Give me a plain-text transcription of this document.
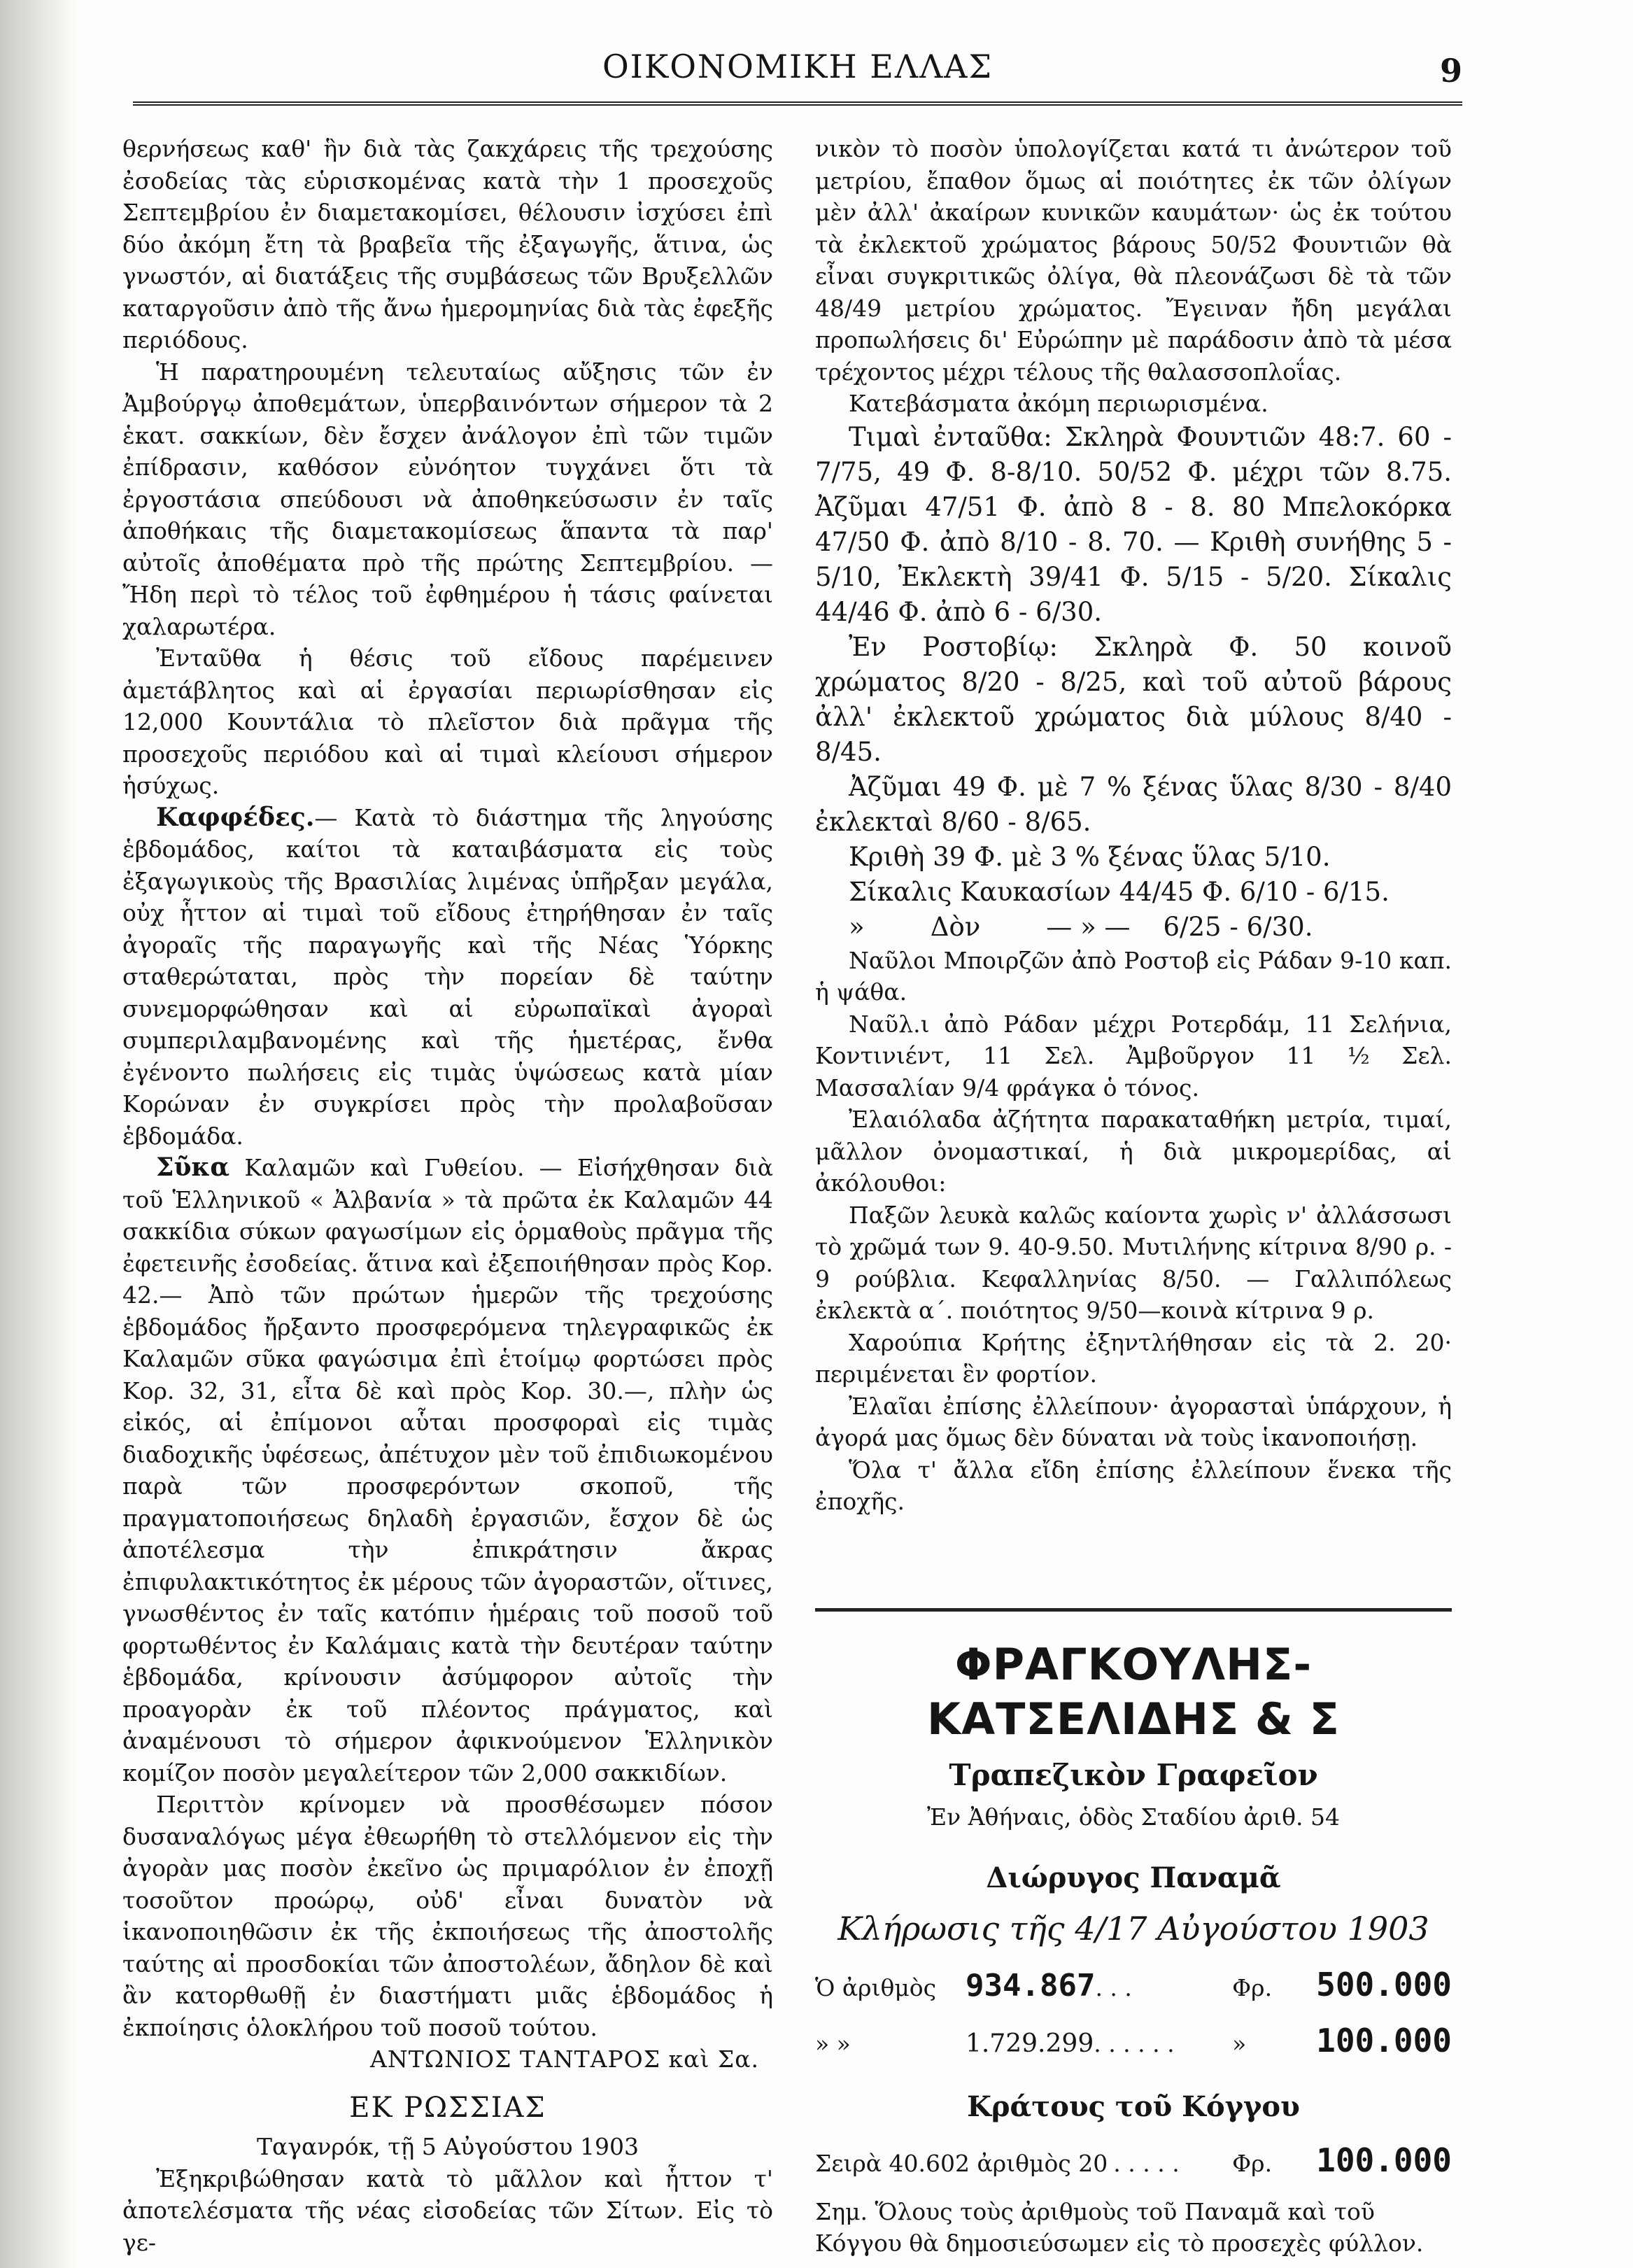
ΟΙΚΟΝΟΜΙΚΗ ΕΛΛΑΣ	9

θερνήσεως καθ' ἣν διὰ τὰς ζακχάρεις τῆς τρεχούσης ἐσοδείας τὰς εὑρισκομένας κατὰ τὴν 1 προσεχοῦς Σεπτεμβρίου ἐν διαμετακομίσει, θέλουσιν ἰσχύσει ἐπὶ δύο ἀκόμη ἔτη τὰ βραβεῖα τῆς ἐξαγωγῆς, ἅτινα, ὡς γνωστόν, αἱ διατάξεις τῆς συμβάσεως τῶν Βρυξελλῶν καταργοῦσιν ἀπὸ τῆς ἄνω ἡμερομηνίας διὰ τὰς ἐφεξῆς περιόδους.

Ἡ παρατηρουμένη τελευταίως αὔξησις τῶν ἐν Ἀμβούργῳ ἀποθεμάτων, ὑπερβαινόντων σήμερον τὰ 2 ἑκατ. σακκίων, δὲν ἔσχεν ἀνάλογον ἐπὶ τῶν τιμῶν ἐπίδρασιν, καθόσον εὐνόητον τυγχάνει ὅτι τὰ ἐργοστάσια σπεύδουσι νὰ ἀποθηκεύσωσιν ἐν ταῖς ἀποθήκαις τῆς διαμετακομίσεως ἅπαντα τὰ παρ' αὐτοῖς ἀποθέματα πρὸ τῆς πρώτης Σεπτεμβρίου. — Ἤδη περὶ τὸ τέλος τοῦ ἐφθημέρου ἡ τάσις φαίνεται χαλαρωτέρα.

Ἐνταῦθα ἡ θέσις τοῦ εἴδους παρέμεινεν ἀμετάβλητος καὶ αἱ ἐργασίαι περιωρίσθησαν εἰς 12,000 Κουντάλια τὸ πλεῖστον διὰ πρᾶγμα τῆς προσεχοῦς περιόδου καὶ αἱ τιμαὶ κλείουσι σήμερον ἡσύχως.

Καφφέδες.— Κατὰ τὸ διάστημα τῆς ληγούσης ἑβδομάδος, καίτοι τὰ καταιβάσματα εἰς τοὺς ἐξαγωγικοὺς τῆς Βρασιλίας λιμένας ὑπῆρξαν μεγάλα, οὐχ ἧττον αἱ τιμαὶ τοῦ εἴδους ἐτηρήθησαν ἐν ταῖς ἀγοραῖς τῆς παραγωγῆς καὶ τῆς Νέας Ὑόρκης σταθερώταται, πρὸς τὴν πορείαν δὲ ταύτην συνεμορφώθησαν καὶ αἱ εὐρωπαϊκαὶ ἀγοραὶ συμπεριλαμβανομένης καὶ τῆς ἡμετέρας, ἔνθα ἐγένοντο πωλήσεις εἰς τιμὰς ὑψώσεως κατὰ μίαν Κορώναν ἐν συγκρίσει πρὸς τὴν προλαβοῦσαν ἑβδομάδα.

Σῦκα Καλαμῶν καὶ Γυθείου. — Εἰσήχθησαν διὰ τοῦ Ἑλληνικοῦ « Ἀλβανία » τὰ πρῶτα ἐκ Καλαμῶν 44 σακκίδια σύκων φαγωσίμων εἰς ὁρμαθοὺς πρᾶγμα τῆς ἐφετεινῆς ἐσοδείας. ἅτινα καὶ ἐξεποιήθησαν πρὸς Κορ. 42.— Ἀπὸ τῶν πρώτων ἡμερῶν τῆς τρεχούσης ἑβδομάδος ἤρξαντο προσφερόμενα τηλεγραφικῶς ἐκ Καλαμῶν σῦκα φαγώσιμα ἐπὶ ἑτοίμῳ φορτώσει πρὸς Κορ. 32, 31, εἶτα δὲ καὶ πρὸς Κορ. 30.—, πλὴν ὡς εἰκός, αἱ ἐπίμονοι αὗται προσφοραὶ εἰς τιμὰς διαδοχικῆς ὑφέσεως, ἀπέτυχον μὲν τοῦ ἐπιδιωκομένου παρὰ τῶν προσφερόντων σκοποῦ, τῆς πραγματοποιήσεως δηλαδὴ ἐργασιῶν, ἔσχον δὲ ὡς ἀποτέλεσμα τὴν ἐπικράτησιν ἄκρας ἐπιφυλακτικότητος ἐκ μέρους τῶν ἀγοραστῶν, οἵτινες, γνωσθέντος ἐν ταῖς κατόπιν ἡμέραις τοῦ ποσοῦ τοῦ φορτωθέντος ἐν Καλάμαις κατὰ τὴν δευτέραν ταύτην ἑβδομάδα, κρίνουσιν ἀσύμφορον αὐτοῖς τὴν προαγορὰν ἐκ τοῦ πλέοντος πράγματος, καὶ ἀναμένουσι τὸ σήμερον ἀφικνούμενον Ἑλληνικὸν κομίζον ποσὸν μεγαλείτερον τῶν 2,000 σακκιδίων.

Περιττὸν κρίνομεν νὰ προσθέσωμεν πόσον δυσαναλόγως μέγα ἐθεωρήθη τὸ στελλόμενον εἰς τὴν ἀγορὰν μας ποσὸν ἐκεῖνο ὡς πριμαρόλιον ἐν ἐποχῇ τοσοῦτον προώρῳ, οὐδ' εἶναι δυνατὸν νὰ ἱκανοποιηθῶσιν ἐκ τῆς ἐκποιήσεως τῆς ἀποστολῆς ταύτης αἱ προσδοκίαι τῶν ἀποστολέων, ἄδηλον δὲ καὶ ἂν κατορθωθῇ ἐν διαστήματι μιᾶς ἑβδομάδος ἡ ἐκποίησις ὁλοκλήρου τοῦ ποσοῦ τούτου.

ΑΝΤΩΝΙΟΣ ΤΑΝΤΑΡΟΣ καὶ Σα.

ΕΚ ΡΩΣΣΙΑΣ
Ταγανρόκ, τῇ 5 Αὐγούστου 1903

Ἐξηκριβώθησαν κατὰ τὸ μᾶλλον καὶ ἧττον τ' ἀποτελέσματα τῆς νέας εἰσοδείας τῶν Σίτων. Εἰς τὸ γε-

νικὸν τὸ ποσὸν ὑπολογίζεται κατά τι ἀνώτερον τοῦ μετρίου, ἔπαθον ὅμως αἱ ποιότητες ἐκ τῶν ὀλίγων μὲν ἀλλ' ἀκαίρων κυνικῶν καυμάτων· ὡς ἐκ τούτου τὰ ἐκλεκτοῦ χρώματος βάρους 50/52 Φουντιῶν θὰ εἶναι συγκριτικῶς ὀλίγα, θὰ πλεονάζωσι δὲ τὰ τῶν 48/49 μετρίου χρώματος. Ἔγειναν ἤδη μεγάλαι προπωλήσεις δι' Εὐρώπην μὲ παράδοσιν ἀπὸ τὰ μέσα τρέχοντος μέχρι τέλους τῆς θαλασσοπλοΐας.

Κατεβάσματα ἀκόμη περιωρισμένα.

Τιμαὶ ἐνταῦθα: Σκληρὰ Φουντιῶν 48:7. 60 - 7/75, 49 Φ. 8-8/10. 50/52 Φ. μέχρι τῶν 8.75. Ἀζῦμαι 47/51 Φ. ἀπὸ 8 - 8. 80 Μπελοκόρκα 47/50 Φ. ἀπὸ 8/10 - 8. 70. — Κριθὴ συνήθης 5 - 5/10, Ἐκλεκτὴ 39/41 Φ. 5/15 - 5/20. Σίκαλις 44/46 Φ. ἀπὸ 6 - 6/30.

Ἐν Ροστοβίῳ: Σκληρὰ Φ. 50 κοινοῦ χρώματος 8/20 - 8/25, καὶ τοῦ αὐτοῦ βάρους ἀλλ' ἐκλεκτοῦ χρώματος διὰ μύλους 8/40 - 8/45.

Ἀζῦμαι 49 Φ. μὲ 7 % ξένας ὕλας 8/30 - 8/40 ἐκλεκταὶ 8/60 - 8/65.

Κριθὴ 39 Φ. μὲ 3 % ξένας ὕλας 5/10.

Σίκαλις Καυκασίων 44/45 Φ. 6/10 - 6/15.

»        Δὸν        — » —    6/25 - 6/30.

Ναῦλοι Μποιρζῶν ἀπὸ Ροστοβ εἰς Ράδαν 9-10 καπ. ἡ ψάθα.

Ναῦλ.ι ἀπὸ Ράδαν μέχρι Ροτερδάμ, 11 Σελήνια, Κοντινιέντ, 11 Σελ. Ἀμβοῦργον 11 ½ Σελ. Μασσαλίαν 9/4 φράγκα ὁ τόνος.

Ἐλαιόλαδα ἀζήτητα παρακαταθήκη μετρία, τιμαί, μᾶλλον ὀνομαστικαί, ἡ διὰ μικρομερίδας, αἱ ἀκόλουθοι:

Παξῶν λευκὰ καλῶς καίοντα χωρὶς ν' ἀλλάσσωσι τὸ χρῶμά των 9. 40-9.50. Μυτιλήνης κίτρινα 8/90 ρ. - 9 ρούβλια. Κεφαλληνίας 8/50. — Γαλλιπόλεως ἐκλεκτὰ α΄. ποιότητος 9/50—κοινὰ κίτρινα 9 ρ.

Χαρούπια Κρήτης ἐξηντλήθησαν εἰς τὰ 2. 20· περιμένεται ἓν φορτίον.

Ἐλαῖαι ἐπίσης ἐλλείπουν· ἀγορασταὶ ὑπάρχουν, ἡ ἀγορά μας ὅμως δὲν δύναται νὰ τοὺς ἱκανοποιήσῃ.

Ὅλα τ' ἄλλα εἴδη ἐπίσης ἐλλείπουν ἕνεκα τῆς ἐποχῆς.

ΦΡΑΓΚΟΥΛΗΣ-ΚΑΤΣΕΛΙΔΗΣ & Σ
Τραπεζικὸν Γραφεῖον
Ἐν Ἀθήναις, ὁδὸς Σταδίου ἀριθ. 54
Διώρυγος Παναμᾶ
Κλήρωσις τῆς 4/17 Αὐγούστου 1903
Ὁ ἀριθμὸς 934.867 . . .	Φρ.	500.000
» »	1.729.299 . . . . . .	»	100.000
Κράτους τοῦ Κόγγου
Σειρὰ 40.602 ἀριθμὸς 20 . . . . .	Φρ.	100.000
Σημ. Ὅλους τοὺς ἀριθμοὺς τοῦ Παναμᾶ καὶ τοῦ Κόγγου θὰ δημοσιεύσωμεν εἰς τὸ προσεχὲς φύλλον.
